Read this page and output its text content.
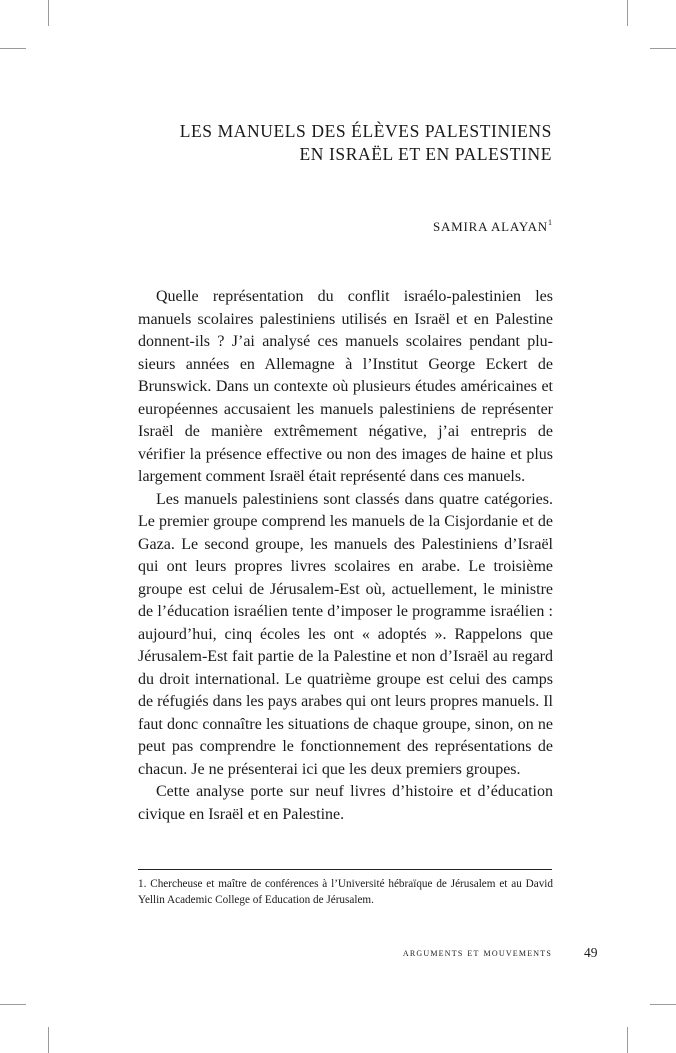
LES MANUELS DES ÉLÈVES PALESTINIENS
EN ISRAËL ET EN PALESTINE
SAMIRA ALAYAN$^1$

Quelle représentation du conflit israélo-palestinien les manuels scolaires palestiniens utilisés en Israël et en Palestine donnent-ils ? J’ai analysé ces manuels scolaires pendant plusieurs années en Allemagne à l’Institut George Eckert de Brunswick. Dans un contexte où plusieurs études américaines et européennes accusaient les manuels palestiniens de représenter Israël de manière extrêmement négative, j’ai entrepris de vérifier la présence effective ou non des images de haine et plus largement comment Israël était représenté dans ces manuels.

Les manuels palestiniens sont classés dans quatre catégories. Le premier groupe comprend les manuels de la Cisjordanie et de Gaza. Le second groupe, les manuels des Palestiniens d’Israël qui ont leurs propres livres scolaires en arabe. Le troisième groupe est celui de Jérusalem-Est où, actuellement, le ministre de l’éducation israélien tente d’imposer le programme israélien : aujourd’hui, cinq écoles les ont « adoptés ». Rappelons que Jérusalem-Est fait partie de la Palestine et non d’Israël au regard du droit international. Le quatrième groupe est celui des camps de réfugiés dans les pays arabes qui ont leurs propres manuels. Il faut donc connaître les situations de chaque groupe, sinon, on ne peut pas comprendre le fonctionnement des représentations de chacun. Je ne présenterai ici que les deux premiers groupes.

Cette analyse porte sur neuf livres d’histoire et d’éducation civique en Israël et en Palestine.

1. Chercheuse et maître de conférences à l’Université hébraïque de Jérusalem et au David Yellin Academic College of Education de Jérusalem.
arguments et mouvements 49
